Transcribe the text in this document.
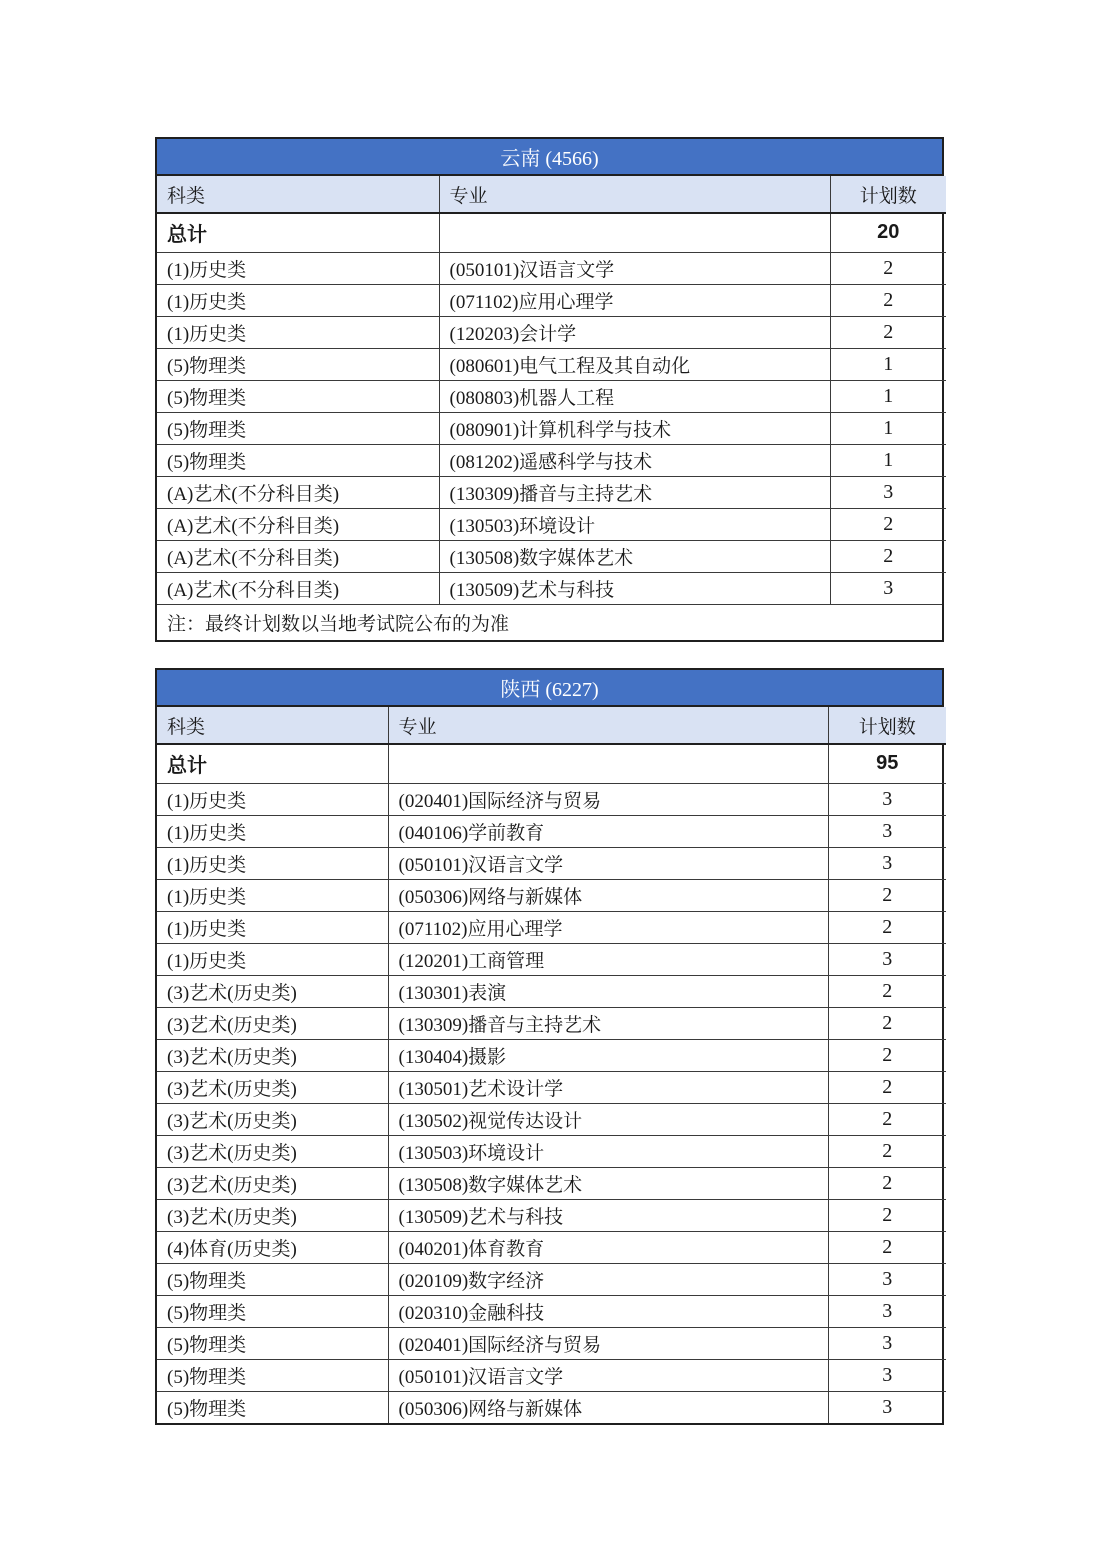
云南 (4566)
科类	专业	计划数
总计		20
(1)历史类	(050101)汉语言文学	2
(1)历史类	(071102)应用心理学	2
(1)历史类	(120203)会计学	2
(5)物理类	(080601)电气工程及其自动化	1
(5)物理类	(080803)机器人工程	1
(5)物理类	(080901)计算机科学与技术	1
(5)物理类	(081202)遥感科学与技术	1
(A)艺术(不分科目类)	(130309)播音与主持艺术	3
(A)艺术(不分科目类)	(130503)环境设计	2
(A)艺术(不分科目类)	(130508)数字媒体艺术	2
(A)艺术(不分科目类)	(130509)艺术与科技	3
注：最终计划数以当地考试院公布的为准
陕西 (6227)
科类	专业	计划数
总计		95
(1)历史类	(020401)国际经济与贸易	3
(1)历史类	(040106)学前教育	3
(1)历史类	(050101)汉语言文学	3
(1)历史类	(050306)网络与新媒体	2
(1)历史类	(071102)应用心理学	2
(1)历史类	(120201)工商管理	3
(3)艺术(历史类)	(130301)表演	2
(3)艺术(历史类)	(130309)播音与主持艺术	2
(3)艺术(历史类)	(130404)摄影	2
(3)艺术(历史类)	(130501)艺术设计学	2
(3)艺术(历史类)	(130502)视觉传达设计	2
(3)艺术(历史类)	(130503)环境设计	2
(3)艺术(历史类)	(130508)数字媒体艺术	2
(3)艺术(历史类)	(130509)艺术与科技	2
(4)体育(历史类)	(040201)体育教育	2
(5)物理类	(020109)数字经济	3
(5)物理类	(020310)金融科技	3
(5)物理类	(020401)国际经济与贸易	3
(5)物理类	(050101)汉语言文学	3
(5)物理类	(050306)网络与新媒体	3
